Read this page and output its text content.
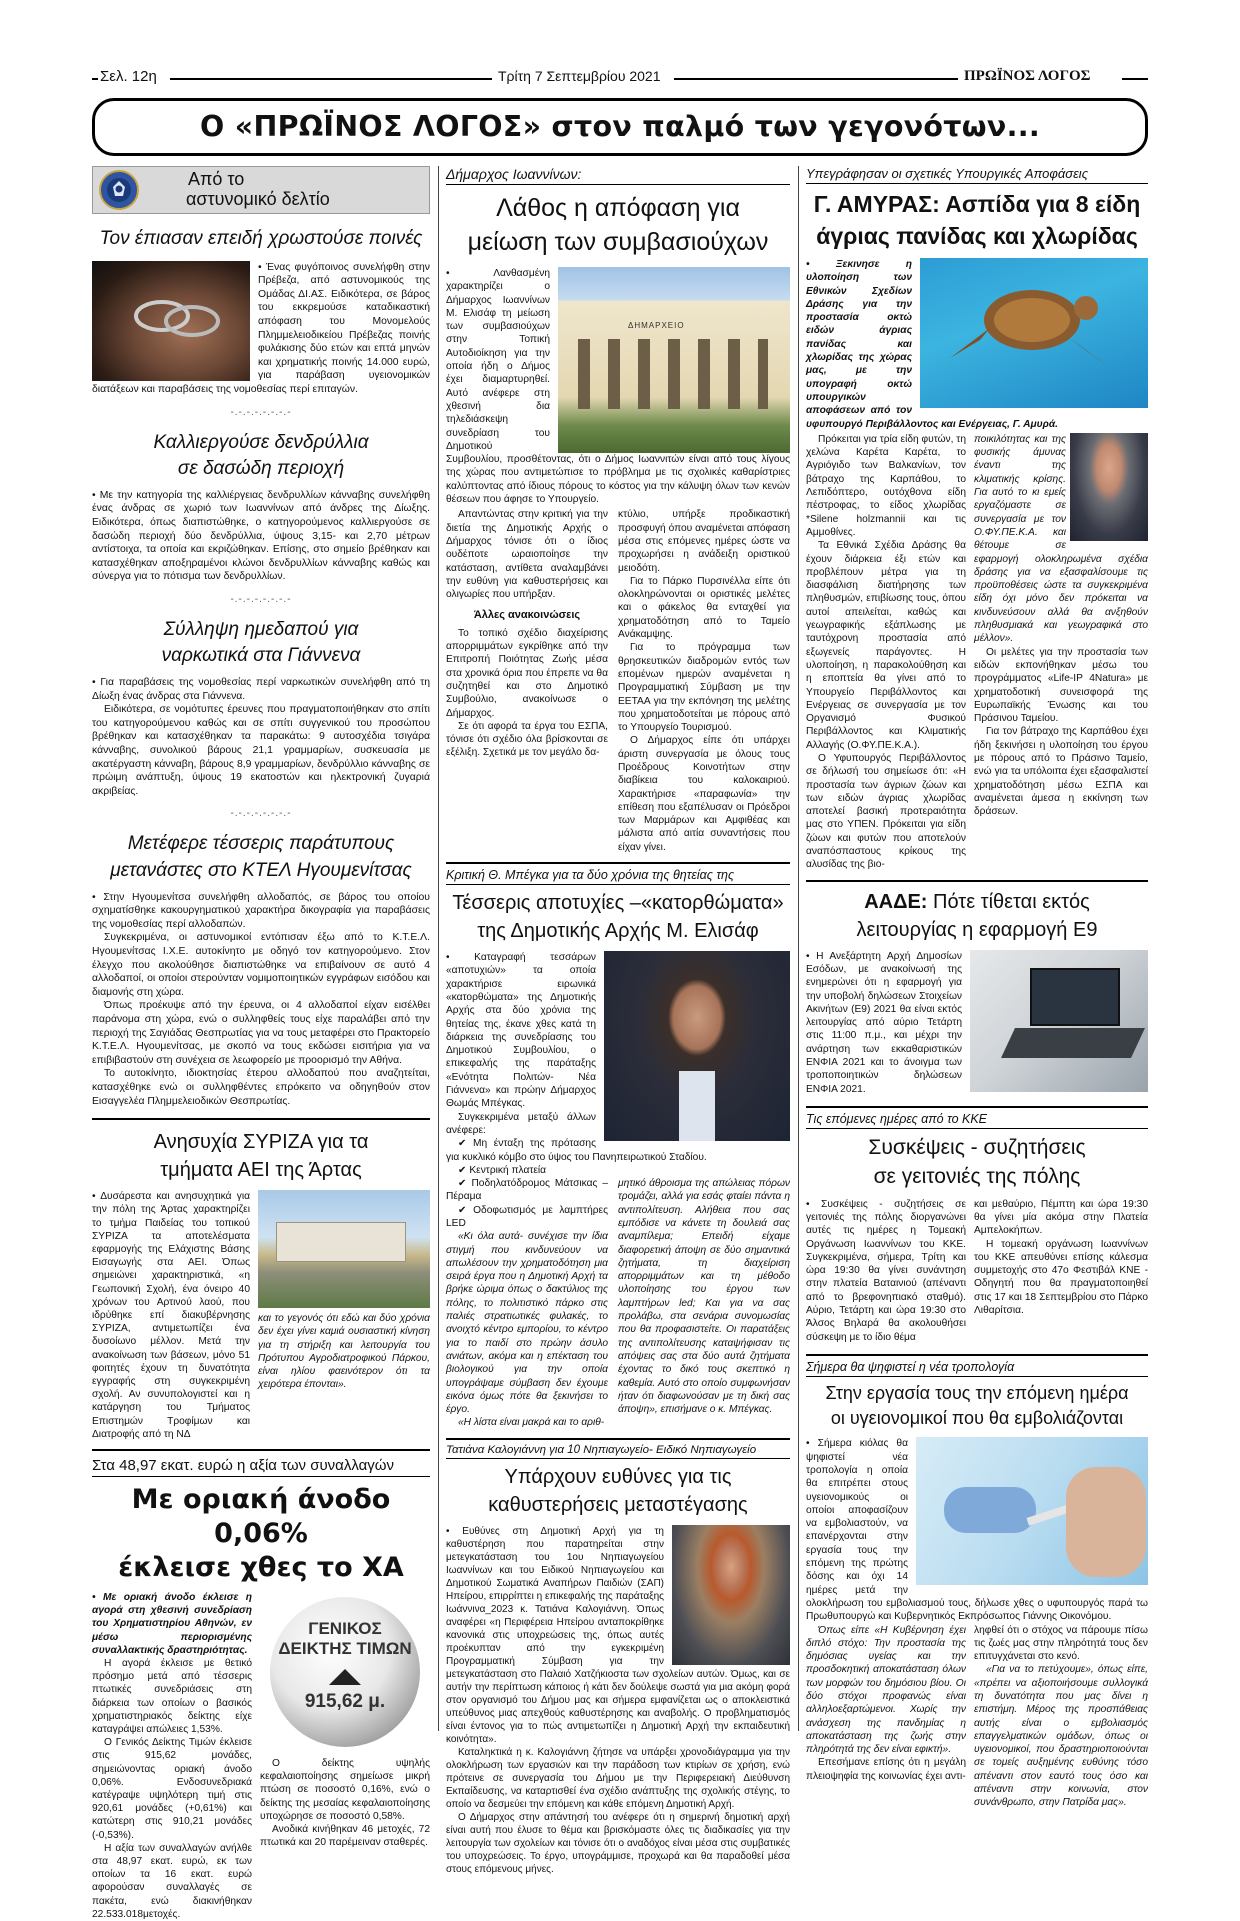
Σελ. 12η	Τρίτη 7 Σεπτεμβρίου 2021	ΠΡΩΪΝΟΣ ΛΟΓΟΣ
Ο «ΠΡΩΪΝΟΣ ΛΟΓΟΣ» στον παλμό των γεγονότων...
Από το
αστυνομικό δελτίο
Τον έπιασαν επειδή χρωστούσε ποινές
• Ένας φυγόποινος συνελήφθη στην Πρέβεζα, από αστυνομικούς της Ομάδας ΔΙ.ΑΣ. Ειδικότερα, σε βάρος του εκκρεμούσε καταδικαστική απόφαση του Μονομελούς Πλημμελειοδικείου Πρέβεζας ποινής φυλάκισης δύο ετών και επτά μηνών και χρηματικής ποινής 14.000 ευρώ, για παράβαση υγειονομικών διατάξεων και παραβάσεις της νομοθεσίας περί επιταγών.
-.-.-.-.-.-.-.-
Καλλιεργούσε δενδρύλλια
σε δασώδη περιοχή
• Με την κατηγορία της καλλιέργειας δενδρυλλίων κάνναβης συνελήφθη ένας άνδρας σε χωριό των Ιωαννίνων από άνδρες της Δίωξης. Ειδικότερα, όπως διαπιστώθηκε, ο κατηγορούμενος καλλιεργούσε σε δασώδη περιοχή δύο δενδρύλλια, ύψους 3,15- και 2,70 μέτρων αντίστοιχα, τα οποία και εκριζώθηκαν. Επίσης, στο σημείο βρέθηκαν και κατασχέθηκαν αποξηραμένοι κλώνοι δενδρυλλίων κάνναβης καθώς και σύνεργα για το πότισμα των δενδρυλλίων.
-.-.-.-.-.-.-.-
Σύλληψη ημεδαπού για
ναρκωτικά στα Γιάννενα

• Για παραβάσεις της νομοθεσίας περί ναρκωτικών συνελήφθη από τη Δίωξη ένας άνδρας στα Γιάννενα.

Ειδικότερα, σε νομότυπες έρευνες που πραγματοποιήθηκαν στο σπίτι του κατηγορούμενου καθώς και σε σπίτι συγγενικού του προσώπου βρέθηκαν και κατασχέθηκαν τα παρακάτω: 9 αυτοσχέδια τσιγάρα κάνναβης, συνολικού βάρους 21,1 γραμμαρίων, συσκευασία με ακατέργαστη κάνναβη, βάρους 8,9 γραμμαρίων, δενδρύλλιο κάνναβης σε πρώιμη ανάπτυξη, ύψους 19 εκατοστών και ηλεκτρονική ζυγαριά ακριβείας.

-.-.-.-.-.-.-.-
Μετέφερε τέσσερις παράτυπους
μετανάστες στο ΚΤΕΛ Ηγουμενίτσας

• Στην Ηγουμενίτσα συνελήφθη αλλοδαπός, σε βάρος του οποίου σχηματίσθηκε κακουργηματικού χαρακτήρα δικογραφία για παραβάσεις της νομοθεσίας περί αλλοδαπών.

Συγκεκριμένα, οι αστυνομικοί εντόπισαν έξω από το Κ.Τ.Ε.Λ. Ηγουμενίτσας Ι.Χ.Ε. αυτοκίνητο με οδηγό τον κατηγορούμενο. Στον έλεγχο που ακολούθησε διαπιστώθηκε να επιβαίνουν σε αυτό 4 αλλοδαποί, οι οποίοι στερούνταν νομιμοποιητικών εγγράφων εισόδου και διαμονής στη χώρα.

Όπως προέκυψε από την έρευνα, οι 4 αλλοδαποί είχαν εισέλθει παράνομα στη χώρα, ενώ ο συλληφθείς τους είχε παραλάβει από την περιοχή της Σαγιάδας Θεσπρωτίας για να τους μεταφέρει στο Πρακτορείο Κ.Τ.Ε.Λ. Ηγουμενίτσας, με σκοπό να τους εκδώσει εισιτήρια για να επιβιβαστούν στη συνέχεια σε λεωφορείο με προορισμό την Αθήνα.

Το αυτοκίνητο, ιδιοκτησίας έτερου αλλοδαπού που αναζητείται, κατασχέθηκε ενώ οι συλληφθέντες επρόκειτο να οδηγηθούν στον Εισαγγελέα Πλημμελειοδικών Θεσπρωτίας.

Ανησυχία ΣΥΡΙΖΑ για τα
τμήματα ΑΕΙ της Άρτας

• Δυσάρεστα και ανησυχητικά για την πόλη της Άρτας χαρακτηρίζει το τμήμα Παιδείας του τοπικού ΣΥΡΙΖΑ τα αποτελέσματα εφαρμογής της Ελάχιστης Βάσης Εισαγωγής στα ΑΕΙ. Όπως σημειώνει χαρακτηριστικά, «η Γεωπονική Σχολή, ένα όνειρο 40 χρόνων του Αρτινού λαού, που ιδρύθηκε επί διακυβέρνησης ΣΥΡΙΖΑ, αντιμετωπίζει ένα δυσοίωνο μέλλον. Μετά την ανακοίνωση των βάσεων, μόνο 51 φοιτητές έχουν τη δυνατότητα εγγραφής στη συγκεκριμένη σχολή. Αν συνυπολογιστεί και η κατάργηση του Τμήματος Επιστημών Τροφίμων και Διατροφής από τη ΝΔ

και το γεγονός ότι εδώ και δύο χρόνια δεν έχει γίνει καμιά ουσιαστική κίνηση για τη στήριξη και λειτουργία του Πρότυπου Αγροδιατροφικού Πάρκου, είναι ηλίου φαεινότερον ότι τα χειρότερα έπονται».
Στα 48,97 εκατ. ευρώ η αξία των συναλλαγών
Με οριακή άνοδο 0,06%
έκλεισε χθες το ΧΑ

• Με οριακή άνοδο έκλεισε η αγορά στη χθεσινή συνεδρίαση του Χρηματιστηρίου Αθηνών, εν μέσω περιορισμένης συναλλακτικής δραστηριότητας.

Η αγορά έκλεισε με θετικό πρόσημο μετά από τέσσερις πτωτικές συνεδριάσεις στη διάρκεια των οποίων ο βασικός χρηματιστηριακός δείκτης είχε καταγράψει απώλειες 1,53%.

Ο Γενικός Δείκτης Τιμών έκλεισε στις 915,62 μονάδες, σημειώνοντας οριακή άνοδο 0,06%. Ενδοσυνεδριακά κατέγραψε υψηλότερη τιμή στις 920,61 μονάδες (+0,61%) και κατώτερη στις 910,21 μονάδες (-0,53%).

Η αξία των συναλλαγών ανήλθε στα 48,97 εκατ. ευρώ, εκ των οποίων τα 16 εκατ. ευρώ αφορούσαν συναλλαγές σε πακέτα, ενώ διακινήθηκαν 22.533.018μετοχές.

ΓΕΝΙΚΟΣ
ΔΕΙΚΤΗΣ ΤΙΜΩΝ
915,62 μ.

Ο δείκτης υψηλής κεφαλαιοποίησης σημείωσε μικρή πτώση σε ποσοστό 0,16%, ενώ ο δείκτης της μεσαίας κεφαλαιοποίησης υποχώρησε σε ποσοστό 0,58%.

Ανοδικά κινήθηκαν 46 μετοχές, 72 πτωτικά και 20 παρέμειναν σταθερές.

Δήμαρχος Ιωαννίνων:
Λάθος η απόφαση για
μείωση των συμβασιούχων
ΔΗΜΑΡΧΕΙΟ

• Λανθασμένη χαρακτηρίζει ο Δήμαρχος Ιωαννίνων Μ. Ελισάφ τη μείωση των συμβασιούχων στην Τοπική Αυτοδιοίκηση για την οποία ήδη ο Δήμος έχει διαμαρτυρηθεί. Αυτό ανέφερε στη χθεσινή δια τηλεδιάσκεψη συνεδρίαση του Δημοτικού Συμβουλίου, προσθέτοντας, ότι ο Δήμος Ιωαννιτών είναι από τους λίγους της χώρας που αντιμετώπισε το πρόβλημα με τις σχολικές καθαρίστριες καλύπτοντας από ίδιους πόρους το κόστος για την κάλυψη όλων των κενών θέσεων που άφησε το Υπουργείο.

Απαντώντας στην κριτική για την διετία της Δημοτικής Αρχής ο Δήμαρχος τόνισε ότι ο ίδιος ουδέποτε ωραιοποίησε την κατάσταση, αντίθετα αναλαμβάνει την ευθύνη για καθυστερήσεις και ολιγωρίες που υπήρξαν.

Άλλες ανακοινώσεις

Το τοπικό σχέδιο διαχείρισης απορριμμάτων εγκρίθηκε από την Επιτροπή Ποιότητας Ζωής μέσα στα χρονικά όρια που έπρεπε να θα συζητηθεί και στο Δημοτικό Συμβούλιο, ανακοίνωσε ο Δήμαρχος.

Σε ότι αφορά τα έργα του ΕΣΠΑ, τόνισε ότι σχέδιο όλα βρίσκονται σε εξέλιξη. Σχετικά με τον μεγάλο δα-

κτύλιο, υπήρξε προδικαστική προσφυγή όπου αναμένεται απόφαση μέσα στις επόμενες ημέρες ώστε να προχωρήσει η ανάδειξη οριστικού μειοδότη.

Για το Πάρκο Πυρσινέλλα είπε ότι ολοκληρώνονται οι οριστικές μελέτες και ο φάκελος θα ενταχθεί για χρηματοδότηση από το Ταμείο Ανάκαμψης.

Για το πρόγραμμα των θρησκευτικών διαδρομών εντός των επομένων ημερών αναμένεται η Προγραμματική Σύμβαση με την ΕΕΤΑΑ για την εκπόνηση της μελέτης που χρηματοδοτείται με πόρους από το Υπουργείο Τουρισμού.

Ο Δήμαρχος είπε ότι υπάρχει άριστη συνεργασία με όλους τους Προέδρους Κοινοτήτων στην διαβίκεια του καλοκαιριού. Χαρακτήρισε «παραφωνία» την επίθεση που εξαπέλυσαν οι Πρόεδροι των Μαρμάρων και Αμφιθέας και μάλιστα από αιτία συναντήσεις που είχαν γίνει.

Κριτική Θ. Μπέγκα για τα δύο χρόνια της θητείας της
Τέσσερις αποτυχίες –«κατορθώματα»
της Δημοτικής Αρχής Μ. Ελισάφ

• Καταγραφή τεσσάρων «αποτυχιών» τα οποία χαρακτήρισε ειρωνικά «κατορθώματα» της Δημοτικής Αρχής στα δύο χρόνια της θητείας της, έκανε χθες κατά τη διάρκεια της συνεδρίασης του Δημοτικού Συμβουλίου, ο επικεφαλής της παράταξης «Ενότητα Πολιτών- Νέα Γιάννενα» και πρώην Δήμαρχος Θωμάς Μπέγκας.

Συγκεκριμένα μεταξύ άλλων ανέφερε:

✔ Μη ένταξη της πρότασης για κυκλικό κόμβο στο ύψος του Πανηπειρωτικού Σταδίου.

✔ Κεντρική πλατεία

✔ Ποδηλατόδρομος Μάτσικας – Πέραμα

✔ Οδοφωτισμός με λαμπτήρες LED

«Κι όλα αυτά- συνέχισε την ίδια στιγμή που κινδυνεύουν να απωλέσουν την χρηματοδότηση μια σειρά έργα που η Δημοτική Αρχή τα βρήκε ώριμα όπως ο δακτύλιος της πόλης, το πολιτιστικό πάρκο στις παλιές στρατιωτικές φυλακές, το ανοιχτό κέντρο εμπορίου, το κέντρο για το παιδί στο πρώην άσυλο ανιάτων, ακόμα και η επέκταση του βιολογικού για την οποία υπογράψαμε σύμβαση δεν έχουμε εικόνα όμως πότε θα ξεκινήσει το έργο.

«Η λίστα είναι μακρά και το αριθ-

μητικό άθροισμα της απώλειας πόρων τρομάζει, αλλά για εσάς φταίει πάντα η αντιπολίτευση. Αλήθεια που σας εμπόδισε να κάνετε τη δουλειά σας αναμπίλεμα; Επειδή είχαμε διαφορετική άποψη σε δύο σημαντικά ζητήματα, τη διαχείριση απορριμμάτων και τη μέθοδο υλοποίησης του έργου των λαμπτήρων led; Και για να σας προλάβω, στα σενάρια συνομωσίας που θα προφασιστείτε. Οι παρατάξεις της αντιπολίτευσης καταψήφισαν τις απόψεις σας στα δύο αυτά ζητήματα έχοντας το δικό τους σκεπτικό η καθεμία. Αυτό στο οποίο συμφωνήσαν ήταν ότι διαφωνούσαν με τη δική σας άποψη», επισήμανε ο κ. Μπέγκας.
Τατιάνα Καλογιάννη για 10 Νηπιαγωγείο- Ειδικό Νηπιαγωγείο
Υπάρχουν ευθύνες για τις
καθυστερήσεις μεταστέγασης

• Ευθύνες στη Δημοτική Αρχή για τη καθυστέρηση που παρατηρείται στην μετεγκατάσταση του 1ου Νηπιαγωγείου Ιωαννίνων και του Ειδικού Νηπιαγωγείου και Δημοτικού Σωματικά Αναπήρων Παιδιών (ΣΑΠ) Ηπείρου, επιρρίπτει η επικεφαλής της παράταξης Ιωάννινα_2023 κ. Τατιάνα Καλογιάννη. Όπως αναφέρει «η Περιφέρεια Ηπείρου ανταποκρίθηκε κανονικά στις υποχρεώσεις της, όπως αυτές προέκυπταν από την εγκεκριμένη Προγραμματική Σύμβαση για την μετεγκατάσταση στο Παλαιό Χατζήκιοστα των σχολείων αυτών. Όμως, και σε αυτήν την περίπτωση κάποιος ή κάτι δεν δούλεψε σωστά για μια ακόμη φορά στον οργανισμό του Δήμου μας και σήμερα εμφανίζεται ως ο αποκλειστικά υπεύθυνος μιας απεχθούς καθυστέρησης και αναβολής. Ο προβληματισμός είναι έντονος για το πώς αντιμετωπίζει η Δημοτική Αρχή την εκπαιδευτική κοινότητα».

Καταληκτικά η κ. Καλογιάννη ζήτησε να υπάρξει χρονοδιάγραμμα για την ολοκλήρωση των εργασιών και την παράδοση των κτιρίων σε χρήση, ενώ πρότεινε σε συνεργασία του Δήμου με την Περιφερειακή Διεύθυνση Εκπαίδευσης, να καταρτισθεί ένα σχέδιο ανάπτυξης της σχολικής στέγης, το οποίο να δεσμεύει την επόμενη και κάθε επόμενη Δημοτική Αρχή.

Ο Δήμαρχος στην απάντησή του ανέφερε ότι η σημερινή δημοτική αρχή είναι αυτή που έλυσε το θέμα και βρισκόμαστε όλες τις διαδικασίες για την λειτουργία των σχολείων και τόνισε ότι ο αναδόχος είναι μέσα στις συμβατικές του υποχρεώσεις. Το έργο, υπογράμμισε, προχωρά και θα παραδοθεί μέσα στους επόμενους μήνες.

Υπεγράφησαν οι σχετικές Υπουργικές Αποφάσεις
Γ. ΑΜΥΡΑΣ: Ασπίδα για 8 είδη
άγριας πανίδας και χλωρίδας

• Ξεκινησε η υλοποίηση των Εθνικών Σχεδίων Δράσης για την προστασία οκτώ ειδών άγριας πανίδας και χλωρίδας της χώρας μας, με την υπογραφή οκτώ υπουργικών αποφάσεων από τον υφυπουργό Περιβάλλοντος και Ενέργειας, Γ. Αμυρά.

Πρόκειται για τρία είδη φυτών, τη χελώνα Καρέτα Καρέτα, το Αγριόγιδο των Βαλκανίων, τον βάτραχο της Καρπάθου, το Λεπιδόπτερο, ουτόχθονα είδη πέστροφας, το είδος χλωρίδας *Silene holzmannii και τις Αμμοθίνες.

Τα Εθνικά Σχέδια Δράσης θα έχουν διάρκεια έξι ετών και προβλέπουν μέτρα για τη διασφάλιση διατήρησης των πληθυσμών, επιβίωσης τους, όπου αυτοί απειλείται, καθώς και γεωγραφικής εξάπλωσης με ταυτόχρονη προστασία από εξωγενείς παράγοντες. Η υλοποίηση, η παρακολούθηση και η εποπτεία θα γίνει από το Υπουργείο Περιβάλλοντος και Ενέργειας σε συνεργασία με τον Οργανισμό Φυσικού Περιβάλλοντος και Κλιματικής Αλλαγής (Ο.ΦΥ.ΠΕ.Κ.Α.).

Ο Υφυπουργός Περιβάλλοντος σε δήλωσή του σημείωσε ότι: «Η προστασία των άγριων ζώων και των ειδών άγριας χλωρίδας αποτελεί βασική προτεραιότητα μας στο ΥΠΕΝ. Πρόκειται για είδη ζώων και φυτών που αποτελούν αναπόσπαστους κρίκους της αλυσίδας της βιο-

ποικιλότητας και της φυσικής άμυνας έναντι της κλιματικής κρίσης. Για αυτό το κι εμείς εργαζόμαστε σε συνεργασία με τον Ο.ΦΥ.ΠΕ.Κ.Α. και θέτουμε σε εφαρμογή ολοκληρωμένα σχέδια δράσης για να εξασφαλίσουμε τις προϋποθέσεις ώστε τα συγκεκριμένα είδη όχι μόνο δεν πρόκειται να κινδυνεύσουν αλλά θα ανξηθούν πληθυσμιακά και γεωγραφικά στο μέλλον».

Οι μελέτες για την προστασία των ειδών εκπονήθηκαν μέσω του προγράμματος «Life-IP 4Natura» με χρηματοδοτική συνεισφορά της Ευρωπαϊκής Ένωσης και του Πράσινου Ταμείου.

Για τον βάτραχο της Καρπάθου έχει ήδη ξεκινήσει η υλοποίηση του έργου με πόρους από το Πράσινο Ταμείο, ενώ για τα υπόλοιπα έχει εξασφαλιστεί χρηματοδότηση μέσω ΕΣΠΑ και αναμένεται άμεσα η εκκίνηση των δράσεων.

ΑΑΔΕ: Πότε τίθεται εκτός
λειτουργίας η εφαρμογή Ε9
• Η Ανεξάρτητη Αρχή Δημοσίων Εσόδων, με ανακοίνωσή της ενημερώνει ότι η εφαρμογή για την υποβολή δηλώσεων Στοιχείων Ακινήτων (Ε9) 2021 θα είναι εκτός λειτουργίας από αύριο Τετάρτη στις 11:00 π.μ., και μέχρι την ανάρτηση των εκκαθαριστικών ΕΝΦΙΑ 2021 και το άνοιγμα των τροποποιητικών δηλώσεων ΕΝΦΙΑ 2021.
Τις επόμενες ημέρες από το ΚΚΕ
Συσκέψεις - συζητήσεις
σε γειτονιές της πόλης
• Συσκέψεις - συζητήσεις σε γειτονιές της πόλης διοργανώνει αυτές τις ημέρες η Τομεακή Οργάνωση Ιωαννίνων του ΚΚΕ. Συγκεκριμένα, σήμερα, Τρίτη και ώρα 19:30 θα γίνει συνάντηση στην πλατεία Βαταινιού (απέναντι από το βρεφονηπιακό σταθμό). Αύριο, Τετάρτη και ώρα 19:30 στο Άλσος Βηλαρά θα ακολουθήσει σύσκεψη με το ίδιο θέμα

και μεθαύριο, Πέμπτη και ώρα 19:30 θα γίνει μία ακόμα στην Πλατεία Αμπελοκήπων.

Η τομεακή οργάνωση Ιωαννίνων του ΚΚΕ απευθύνει επίσης κάλεσμα συμμετοχής στο 47ο Φεστιβάλ ΚΝΕ - Οδηγητή που θα πραγματοποιηθεί στις 17 και 18 Σεπτεμβρίου στο Πάρκο Λιθαρίτσια.

Σήμερα θα ψηφιστεί η νέα τροπολογία
Στην εργασία τους την επόμενη ημέρα
οι υγειονομικοί που θα εμβολιάζονται

• Σήμερα κιόλας θα ψηφιστεί νέα τροπολογία η οποία θα επιτρέπει στους υγειονομικούς οι οποίοι αποφασίζουν να εμβολιαστούν, να επανέρχονται στην εργασία τους την επόμενη της πρώτης δόσης και όχι 14 ημέρες μετά την ολοκλήρωση του εμβολιασμού τους, δήλωσε χθες ο υφυπουργός παρά τω Πρωθυπουργώ και Κυβερνητικός Εκπρόσωπος Γιάννης Οικονόμου.

Όπως είπε «Η Κυβέρνηση έχει διπλό στόχο: Την προστασία της δημόσιας υγείας και την προσδοκητική αποκατάσταση όλων των μορφών του δημόσιου βίου. Οι δύο στόχοι προφανώς είναι αλληλοεξαρτώμενοι. Χωρίς την ανάσχεση της πανδημίας η αποκατάσταση της ζωής στην πληρότητά της δεν είναι εφικτή».

Επεσήμανε επίσης ότι η μεγάλη πλειοψηφία της κοινωνίας έχει αντι-

ληφθεί ότι ο στόχος να πάρουμε πίσω τις ζωές μας στην πληρότητά τους δεν επιτυγχάνεται στο κενό.

«Για να το πετύχουμε», όπως είπε, «πρέπει να αξιοποιήσουμε συλλογικά τη δυνατότητα που μας δίνει η επιστήμη. Μέρος της προσπάθειας αυτής είναι ο εμβολιασμός επαγγελματικών ομάδων, όπως οι υγειονομικοί, που δραστηριοποιούνται σε τομείς αυξημένης ευθύνης τόσο απέναντι στον εαυτό τους όσο και απέναντι στην κοινωνία, στον συνάνθρωπο, στην Πατρίδα μας».
